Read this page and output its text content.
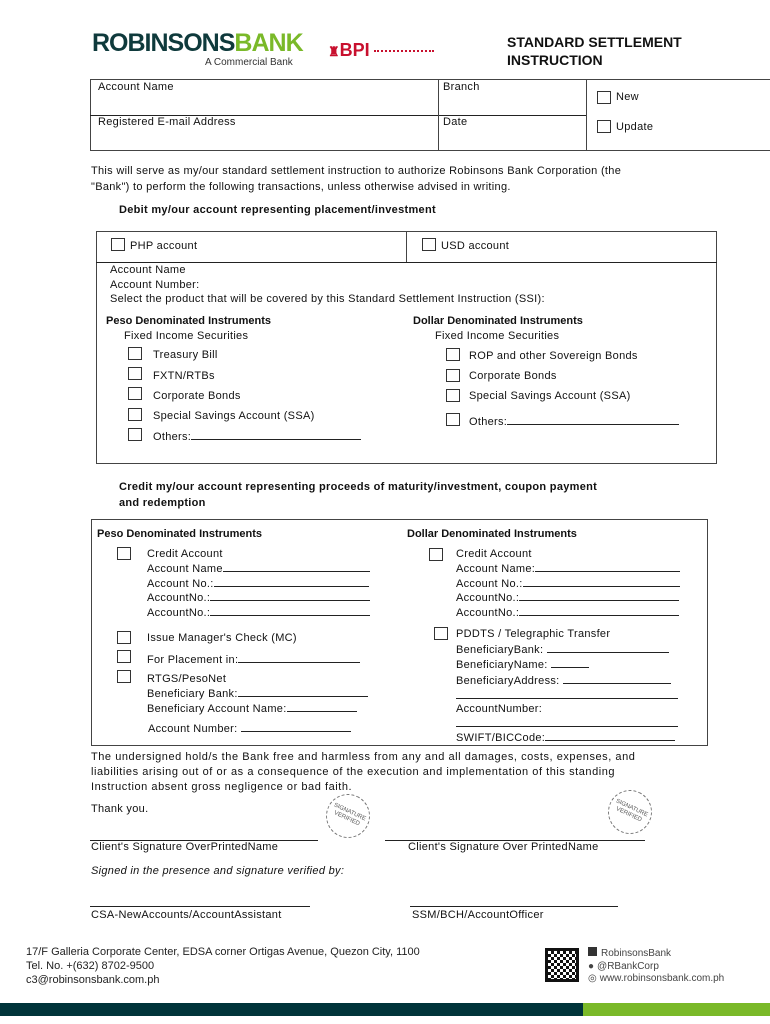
ROBINSONSBANK
A Commercial Bank
♜BPI	STANDARD SETTLEMENT
INSTRUCTION
Account Name	Branch
Registered E-mail Address	Date
New
Update
This will serve as my/our standard settlement instruction to authorize Robinsons Bank Corporation (the
"Bank") to perform the following transactions, unless otherwise advised in writing.
Debit my/our account representing placement/investment
PHP account	USD account
Account Name
Account Number:
Select the product that will be covered by this Standard Settlement Instruction (SSI):
Peso Denominated Instruments
Fixed Income Securities
Dollar Denominated Instruments
Fixed Income Securities
Treasury Bill
FXTN/RTBs
Corporate Bonds
Special Savings Account (SSA)
Others:
ROP and other Sovereign Bonds
Corporate Bonds
Special Savings Account (SSA)
Others:
Credit my/our account representing proceeds of maturity/investment, coupon payment
and redemption
Peso Denominated Instruments	Dollar Denominated Instruments
Credit Account
Account Name
Account No.:
AccountNo.:
AccountNo.:
Issue Manager's Check (MC)
For Placement in:
RTGS/PesoNet
Beneficiary Bank:
Beneficiary Account Name:
Account Number:
Credit Account
Account Name:
Account No.:
AccountNo.:
AccountNo.:
PDDTS / Telegraphic Transfer
BeneficiaryBank:
BeneficiaryName:
BeneficiaryAddress:
AccountNumber:
SWIFT/BICCode:
The undersigned hold/s the Bank free and harmless from any and all damages, costs, expenses, and
liabilities arising out of or as a consequence of the execution and implementation of this standing
Instruction absent gross negligence or bad faith.
Thank you.	SIGNATURE VERIFIED	SIGNATURE VERIFIED
Client's Signature OverPrintedName	Client's Signature Over PrintedName
Signed in the presence and signature verified by:
CSA-NewAccounts/AccountAssistant	SSM/BCH/AccountOfficer
17/F Galleria Corporate Center, EDSA corner Ortigas Avenue, Quezon City, 1100
Tel. No. +(632) 8702-9500
c3@robinsonsbank.com.ph
RobinsonsBank
● @RBankCorp
◎ www.robinsonsbank.com.ph
